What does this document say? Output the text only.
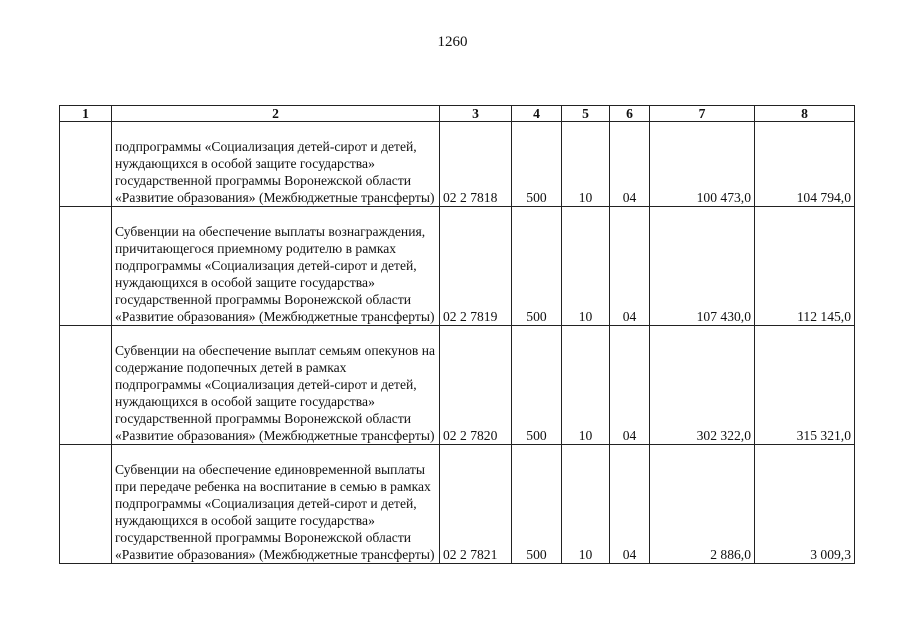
1260
1	2	3	4	5	6	7	8
	подпрограммы «Социализация детей-сирот и детей, нуждающихся в особой защите государства» государственной программы Воронежской области «Развитие образования» (Межбюджетные трансферты)	02 2 7818	500	10	04	100 473,0	104 794,0
	Субвенции на обеспечение выплаты вознаграждения, причитающегося приемному родителю в рамках подпрограммы «Социализация детей-сирот и детей, нуждающихся в особой защите государства» государственной программы Воронежской области «Развитие образования» (Межбюджетные трансферты)	02 2 7819	500	10	04	107 430,0	112 145,0
	Субвенции на обеспечение выплат семьям опекунов на содержание подопечных детей в рамках подпрограммы «Социализация детей-сирот и детей, нуждающихся в особой защите государства» государственной программы Воронежской области «Развитие образования» (Межбюджетные трансферты)	02 2 7820	500	10	04	302 322,0	315 321,0
	Субвенции на обеспечение единовременной выплаты при передаче ребенка на воспитание в семью в рамках подпрограммы «Социализация детей-сирот и детей, нуждающихся в особой защите государства» государственной программы Воронежской области «Развитие образования» (Межбюджетные трансферты)	02 2 7821	500	10	04	2 886,0	3 009,3
